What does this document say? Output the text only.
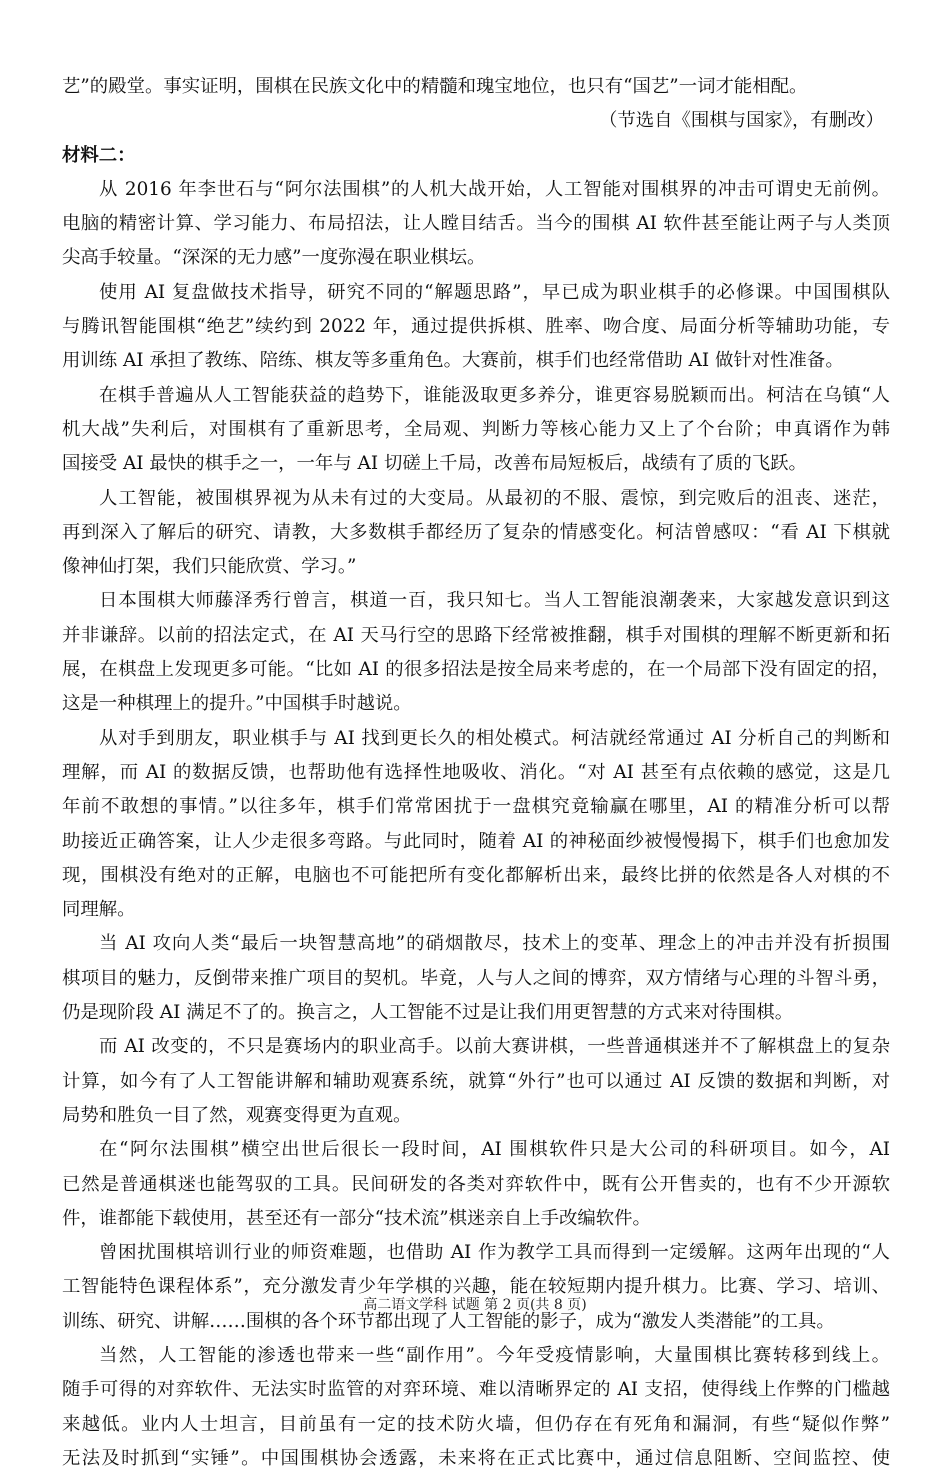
艺”的殿堂。事实证明，围棋在民族文化中的精髓和瑰宝地位，也只有“国艺”一词才能相配。
（节选自《围棋与国家》，有删改）
材料二：
从 2016 年李世石与“阿尔法围棋”的人机大战开始，人工智能对围棋界的冲击可谓史无前例。
电脑的精密计算、学习能力、布局招法，让人瞠目结舌。当今的围棋 AI 软件甚至能让两子与人类顶
尖高手较量。“深深的无力感”一度弥漫在职业棋坛。
使用 AI 复盘做技术指导，研究不同的“解题思路”，早已成为职业棋手的必修课。中国围棋队
与腾讯智能围棋“绝艺”续约到 2022 年，通过提供拆棋、胜率、吻合度、局面分析等辅助功能，专
用训练 AI 承担了教练、陪练、棋友等多重角色。大赛前，棋手们也经常借助 AI 做针对性准备。
在棋手普遍从人工智能获益的趋势下，谁能汲取更多养分，谁更容易脱颖而出。柯洁在乌镇“人
机大战”失利后，对围棋有了重新思考，全局观、判断力等核心能力又上了个台阶；申真谞作为韩
国接受 AI 最快的棋手之一，一年与 AI 切磋上千局，改善布局短板后，战绩有了质的飞跃。
人工智能，被围棋界视为从未有过的大变局。从最初的不服、震惊，到完败后的沮丧、迷茫，
再到深入了解后的研究、请教，大多数棋手都经历了复杂的情感变化。柯洁曾感叹：“看 AI 下棋就
像神仙打架，我们只能欣赏、学习。”
日本围棋大师藤泽秀行曾言，棋道一百，我只知七。当人工智能浪潮袭来，大家越发意识到这
并非谦辞。以前的招法定式，在 AI 天马行空的思路下经常被推翻，棋手对围棋的理解不断更新和拓
展，在棋盘上发现更多可能。“比如 AI 的很多招法是按全局来考虑的，在一个局部下没有固定的招，
这是一种棋理上的提升。”中国棋手时越说。
从对手到朋友，职业棋手与 AI 找到更长久的相处模式。柯洁就经常通过 AI 分析自己的判断和
理解，而 AI 的数据反馈，也帮助他有选择性地吸收、消化。“对 AI 甚至有点依赖的感觉，这是几
年前不敢想的事情。”以往多年，棋手们常常困扰于一盘棋究竟输赢在哪里，AI 的精准分析可以帮
助接近正确答案，让人少走很多弯路。与此同时，随着 AI 的神秘面纱被慢慢揭下，棋手们也愈加发
现，围棋没有绝对的正解，电脑也不可能把所有变化都解析出来，最终比拼的依然是各人对棋的不
同理解。
当 AI 攻向人类“最后一块智慧高地”的硝烟散尽，技术上的变革、理念上的冲击并没有折损围
棋项目的魅力，反倒带来推广项目的契机。毕竟，人与人之间的博弈，双方情绪与心理的斗智斗勇，
仍是现阶段 AI 满足不了的。换言之，人工智能不过是让我们用更智慧的方式来对待围棋。
而 AI 改变的，不只是赛场内的职业高手。以前大赛讲棋，一些普通棋迷并不了解棋盘上的复杂
计算，如今有了人工智能讲解和辅助观赛系统，就算“外行”也可以通过 AI 反馈的数据和判断，对
局势和胜负一目了然，观赛变得更为直观。
在“阿尔法围棋”横空出世后很长一段时间，AI 围棋软件只是大公司的科研项目。如今，AI
已然是普通棋迷也能驾驭的工具。民间研发的各类对弈软件中，既有公开售卖的，也有不少开源软
件，谁都能下载使用，甚至还有一部分“技术流”棋迷亲自上手改编软件。
曾困扰围棋培训行业的师资难题，也借助 AI 作为教学工具而得到一定缓解。这两年出现的“人
工智能特色课程体系”，充分激发青少年学棋的兴趣，能在较短期内提升棋力。比赛、学习、培训、
训练、研究、讲解……围棋的各个环节都出现了人工智能的影子，成为“激发人类潜能”的工具。
当然，人工智能的渗透也带来一些“副作用”。今年受疫情影响，大量围棋比赛转移到线上。
随手可得的对弈软件、无法实时监管的对弈环境、难以清晰界定的 AI 支招，使得线上作弊的门槛越
来越低。业内人士坦言，目前虽有一定的技术防火墙，但仍存在有死角和漏洞，有些“疑似作弊”
无法及时抓到“实锤”。中国围棋协会透露，未来将在正式比赛中，通过信息阻断、空间监控、使
高二语文学科 试题 第 2 页(共 8 页)
